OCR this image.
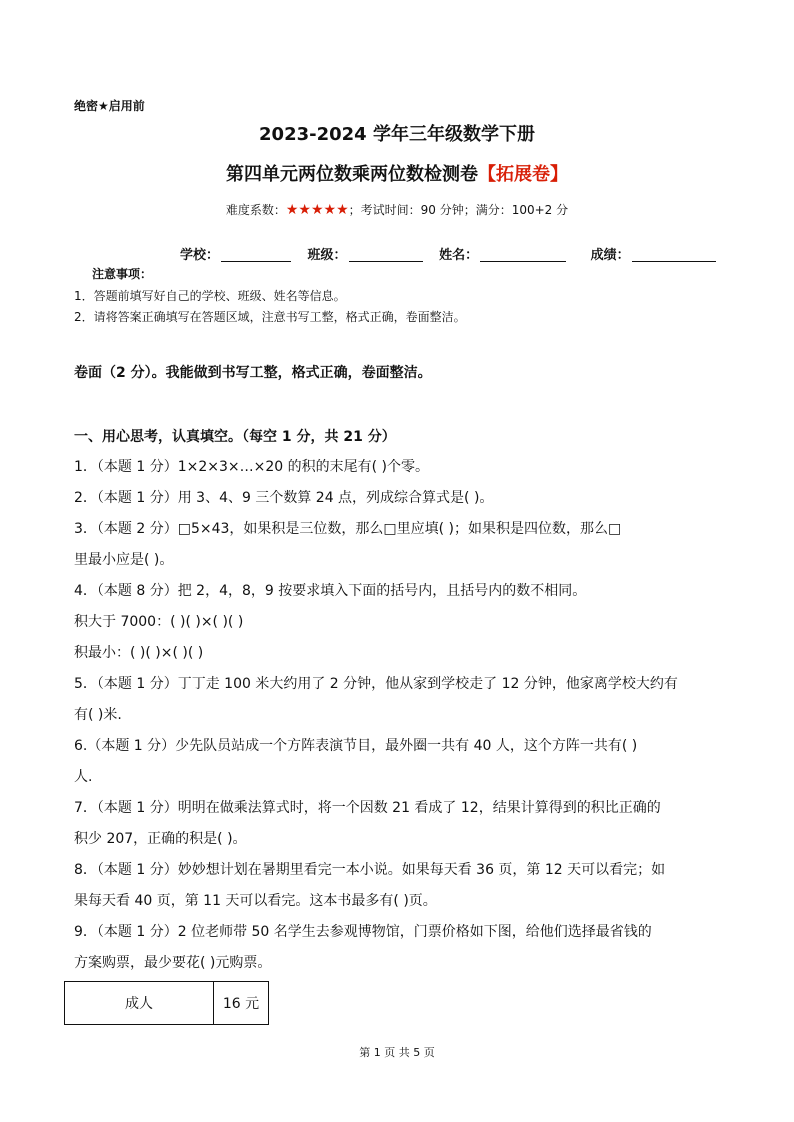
绝密★启用前
2023-2024 学年三年级数学下册
第四单元两位数乘两位数检测卷【拓展卷】
难度系数：★★★★★；考试时间：90 分钟；满分：100+2 分
学校：	班级：	姓名：	成绩：
注意事项：
1．答题前填写好自己的学校、班级、姓名等信息。
2．请将答案正确填写在答题区域，注意书写工整，格式正确，卷面整洁。
卷面（2 分）。我能做到书写工整，格式正确，卷面整洁。
一、用心思考，认真填空。（每空 1 分，共 21 分）
1．（本题 1 分）1×2×3×…×20 的积的末尾有( )个零。
2．（本题 1 分）用 3、4、9 三个数算 24 点，列成综合算式是( )。
3．（本题 2 分）□5×43，如果积是三位数，那么□里应填( )；如果积是四位数，那么□
里最小应是( )。
4．（本题 8 分）把 2，4，8，9 按要求填入下面的括号内，且括号内的数不相同。
积大于 7000：( )( )×( )( )
积最小：( )( )×( )( )
5．（本题 1 分）丁丁走 100 米大约用了 2 分钟，他从家到学校走了 12 分钟，他家离学校大约有
有( )米.
6.（本题 1 分）少先队员站成一个方阵表演节目，最外圈一共有 40 人，这个方阵一共有( )
人.
7．（本题 1 分）明明在做乘法算式时，将一个因数 21 看成了 12，结果计算得到的积比正确的
积少 207，正确的积是( )。
8．（本题 1 分）妙妙想计划在暑期里看完一本小说。如果每天看 36 页，第 12 天可以看完；如
果每天看 40 页，第 11 天可以看完。这本书最多有( )页。
9．（本题 1 分）2 位老师带 50 名学生去参观博物馆，门票价格如下图，给他们选择最省钱的
方案购票，最少要花( )元购票。
成人	16 元
第 1 页 共 5 页
